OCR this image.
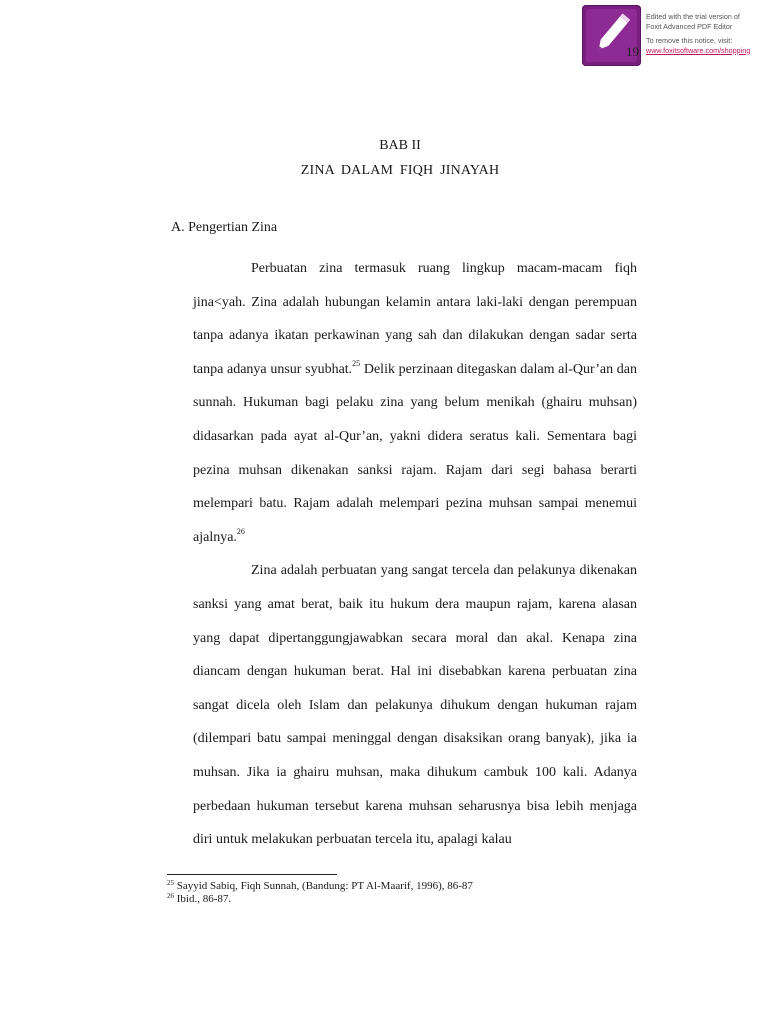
19
Edited with the trial version of
Foxit Advanced PDF Editor
To remove this notice, visit:
www.foxitsoftware.com/shopping
BAB II
ZINA DALAM FIQH JINAYAH
A. Pengertian Zina

Perbuatan zina termasuk ruang lingkup macam-macam fiqh jina<yah. Zina adalah hubungan kelamin antara laki-laki dengan perempuan tanpa adanya ikatan perkawinan yang sah dan dilakukan dengan sadar serta tanpa adanya unsur syubhat.$^{25}$ Delik perzinaan ditegaskan dalam al-Qur’an dan sunnah. Hukuman bagi pelaku zina yang belum menikah (ghairu muhsan) didasarkan pada ayat al-Qur’an, yakni didera seratus kali. Sementara bagi pezina muhsan dikenakan sanksi rajam. Rajam dari segi bahasa berarti melempari batu. Rajam adalah melempari pezina muhsan sampai menemui ajalnya.$^{26}$

Zina adalah perbuatan yang sangat tercela dan pelakunya dikenakan sanksi yang amat berat, baik itu hukum dera maupun rajam, karena alasan yang dapat dipertanggungjawabkan secara moral dan akal. Kenapa zina diancam dengan hukuman berat. Hal ini disebabkan karena perbuatan zina sangat dicela oleh Islam dan pelakunya dihukum dengan hukuman rajam (dilempari batu sampai meninggal dengan disaksikan orang banyak), jika ia muhsan. Jika ia ghairu muhsan, maka dihukum cambuk 100 kali. Adanya perbedaan hukuman tersebut karena muhsan seharusnya bisa lebih menjaga diri untuk melakukan perbuatan tercela itu, apalagi kalau

$^{25}$ Sayyid Sabiq, Fiqh Sunnah, (Bandung: PT Al-Maarif, 1996), 86-87
$^{26}$ Ibid., 86-87.
